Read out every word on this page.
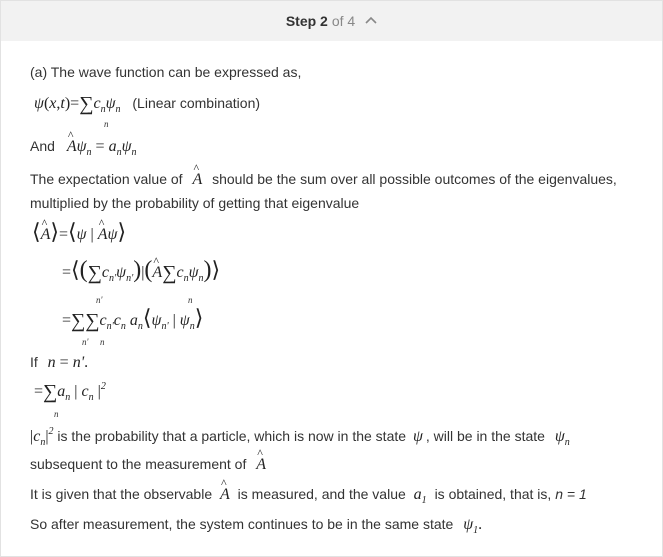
Step 2 of 4
(a) The wave function can be expressed as,
$\psi(x,t)=\sum c_n\psi_n$ (Linear combination)
n
And ^ $A\psi_n = a_n\psi_n$
The expectation value of ^ A should be the sum over all possible outcomes of the eigenvalues,
multiplied by the probability of getting that eigenvalue
⟨^ A⟩=⟨ψ | ^ Aψ⟩
$=⟨(\sum c_{n'}\psi_{n'})|(\^{}$ $A\sum c_n\psi_n)⟩$
n'	n
$=\sum\sum c_{n'}c_n$ $a_n⟨\psi_{n'}$ | $\psi_n⟩$
n' n
If n = n'.
$=\sum a_n$ | $c_n$ $|^2$
n
$|c_n|^2$ is the probability that a particle, which is now in the state ψ , will be in the state $\psi_n$
subsequent to the measurement of ^ A
It is given that the observable ^ A is measured, and the value $a_1$ is obtained, that is, n = 1
So after measurement, the system continues to be in the same state $\psi_1$.
